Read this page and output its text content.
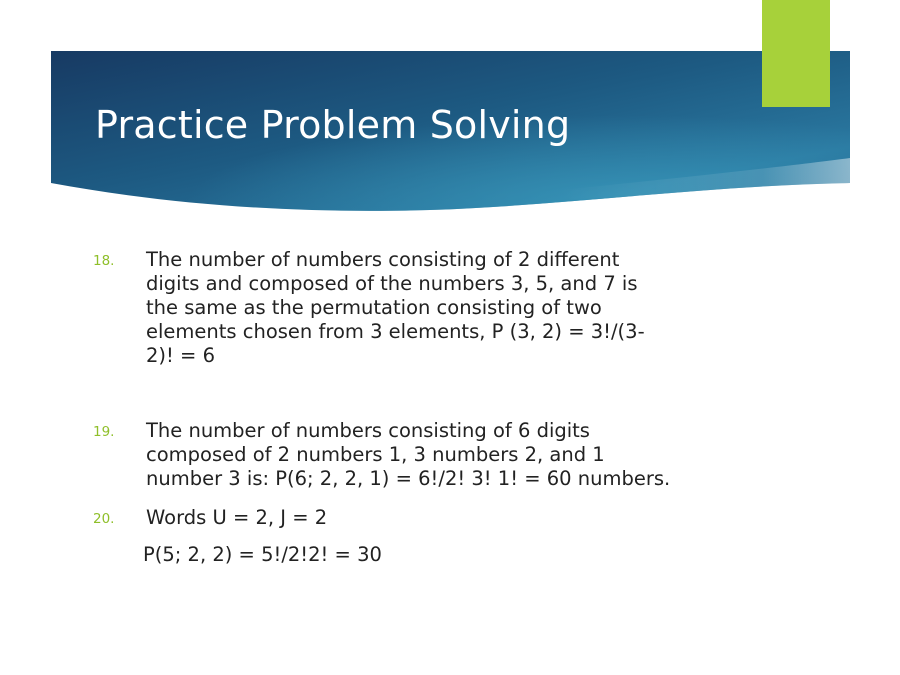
Practice Problem Solving
18. The number of numbers consisting of 2 different
digits and composed of the numbers 3, 5, and 7 is
the same as the permutation consisting of two
elements chosen from 3 elements, P (3, 2) = 3!/(3-
2)! = 6
19. The number of numbers consisting of 6 digits
composed of 2 numbers 1, 3 numbers 2, and 1
number 3 is: P(6; 2, 2, 1) = 6!/2! 3! 1! = 60 numbers.
20. Words U = 2, J = 2
P(5; 2, 2) = 5!/2!2! = 30
